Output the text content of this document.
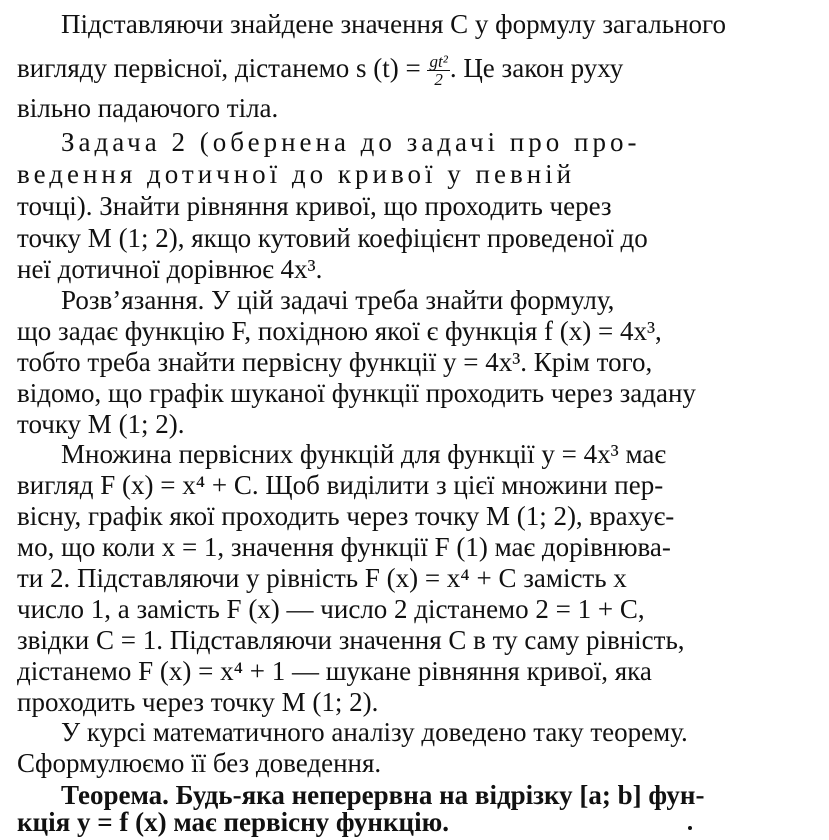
Підставляючи знайдене значення C у формулу загального
вигляду первісної, дістанемо s $(t) = \frac{\text{gt²}}{2}$ . Це закон руху
вільно падаючого тіла.
Задача 2 (обернена до задачі про про-
ведення дотичної до кривої у певній
точці). Знайти рівняння кривої, що проходить через
точку M (1; 2), якщо кутовий коефіцієнт проведеної до
неї дотичної дорівнює 4x³.
Розв’язання. У цій задачі треба знайти формулу,
що задає функцію F, похідною якої є функція f (x) = 4x³,
тобто треба знайти первісну функції y = 4x³. Крім того,
відомо, що графік шуканої функції проходить через задану
точку M (1; 2).
Множина первісних функцій для функції y = 4x³ має
вигляд F (x) = x⁴ + C. Щоб виділити з цієї множини пер-
вісну, графік якої проходить через точку M (1; 2), врахує-
мо, що коли x = 1, значення функції F (1) має дорівнюва-
ти 2. Підставляючи у рівність F (x) = x⁴ + C замість x
число 1, а замість F (x) — число 2 дістанемо 2 = 1 + C,
звідки C = 1. Підставляючи значення C в ту саму рівність,
дістанемо F (x) = x⁴ + 1 — шукане рівняння кривої, яка
проходить через точку M (1; 2).
У курсі математичного аналізу доведено таку теорему.
Сформулюємо її без доведення.
Теорема. Будь-яка неперервна на відрізку [a; b] фун-
кція y = f (x) має первісну функцію.
